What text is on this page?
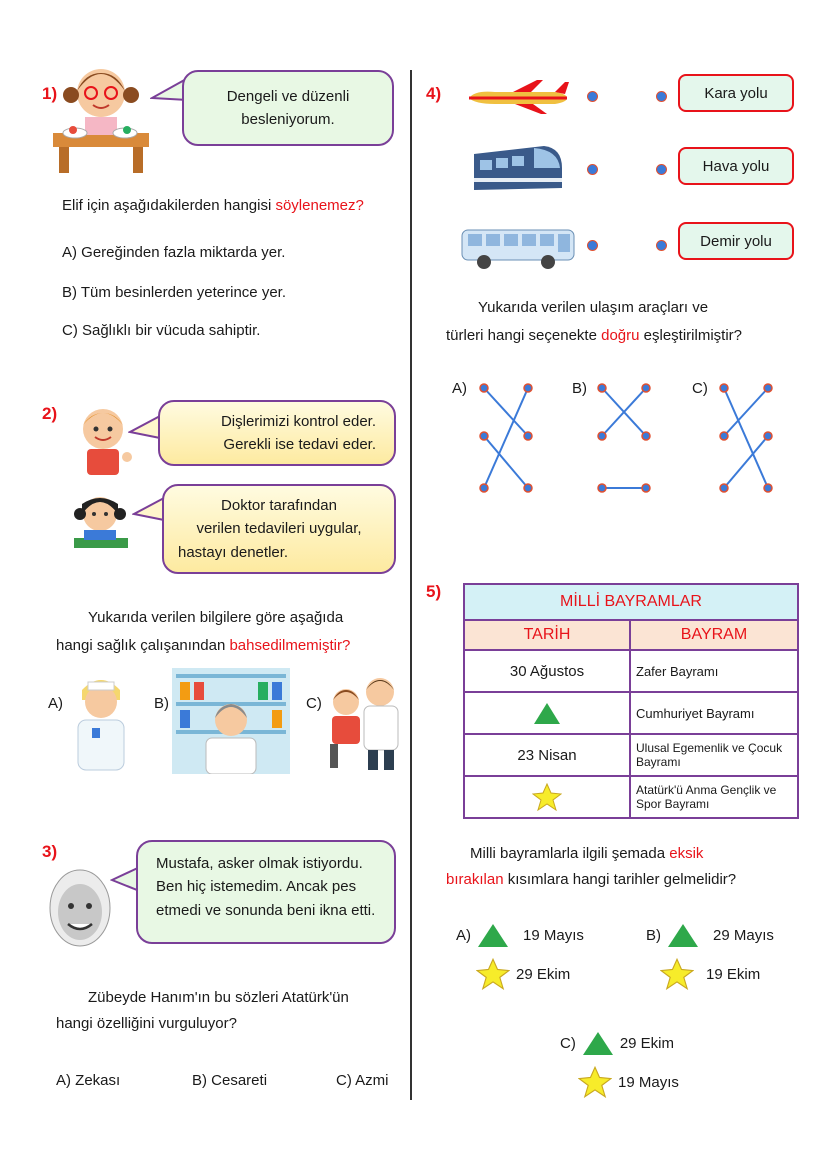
1)	Dengeli ve düzenli besleniyorum.
Elif için aşağıdakilerden hangisi söylenemez?
A) Gereğinden fazla miktarda yer.
B) Tüm besinlerden yeterince yer.
C) Sağlıklı bir vücuda sahiptir.
2)	Dişlerimizi kontrol eder.
Gerekli ise tedavi eder.
Doktor tarafından
verilen tedavileri uygular,
hastayı denetler.
Yukarıda verilen bilgilere göre aşağıda
hangi sağlık çalışanından bahsedilmemiştir?
A)	B)	C)
3)
Mustafa, asker olmak istiyordu.
Ben hiç istemedim. Ancak pes
etmedi ve sonunda beni ikna etti.
Zübeyde Hanım'ın bu sözleri Atatürk'ün
hangi özelliğini vurguluyor?
A) Zekası	B) Cesareti	C) Azmi
4)	Kara yolu
Hava yolu
Demir yolu
Yukarıda verilen ulaşım araçları ve
türleri hangi seçenekte doğru eşleştirilmiştir?
A)	B)	C)
5)
MİLLİ BAYRAMLAR	
TARİH	BAYRAM
30 Ağustos	Zafer Bayramı
	Cumhuriyet Bayramı
23 Nisan	Ulusal Egemenlik ve Çocuk Bayramı
	Atatürk'ü Anma Gençlik ve Spor Bayramı
Milli bayramlarla ilgili şemada eksik
bırakılan kısımlara hangi tarihler gelmelidir?
A)	19 Mayıs
29 Ekim
B)	29 Mayıs
19 Ekim
C)	29 Ekim
19 Mayıs
